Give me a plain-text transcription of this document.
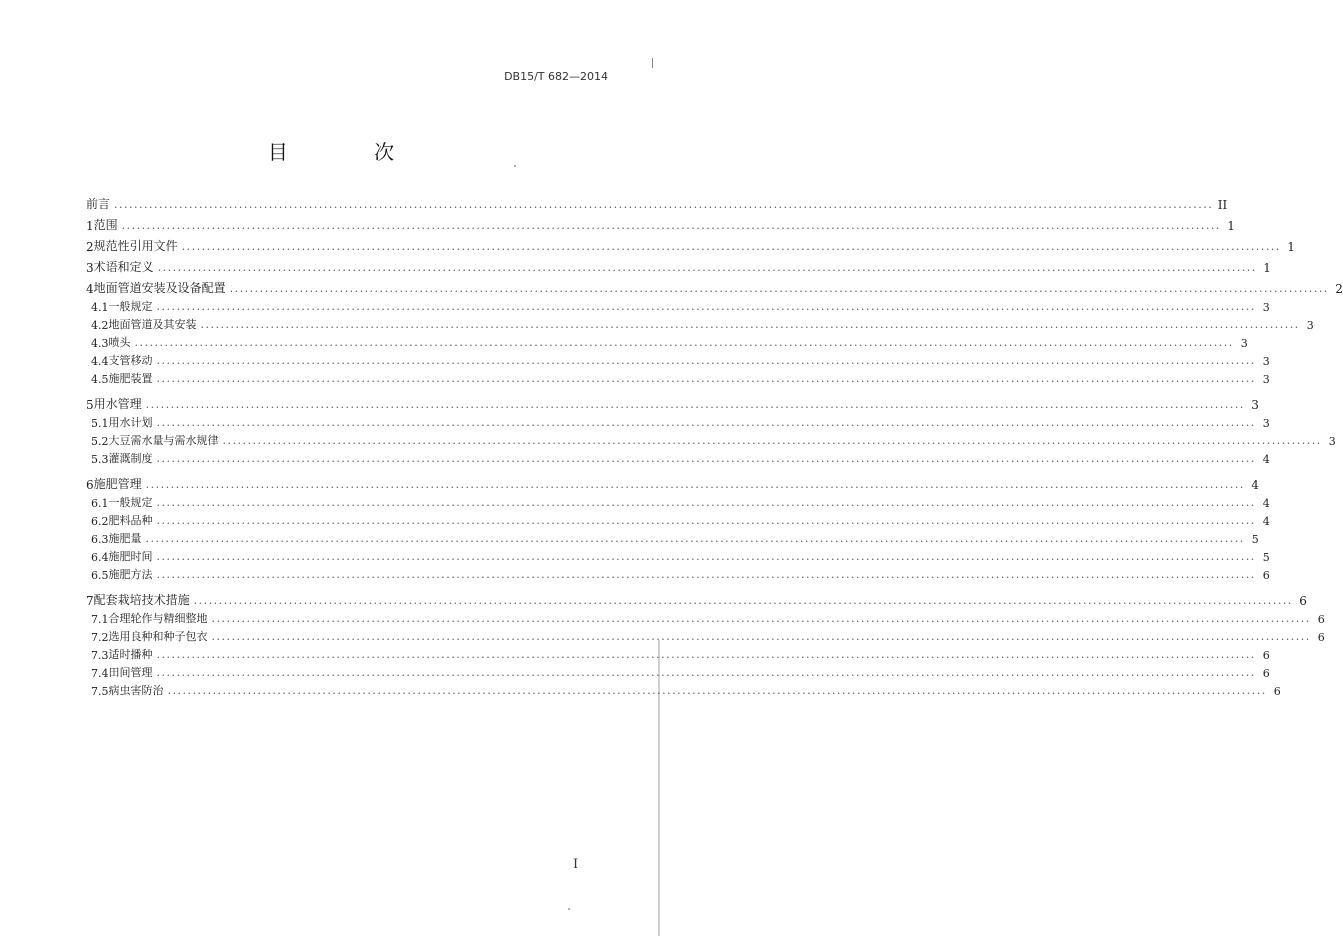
DB15/T 682—2014
目 次
前言 ............................................................................................................................................................................................................................ II
1 范围 ............................................................................................................................................................................................................................ 1
2 规范性引用文件 ............................................................................................................................................................................................................................ 1
3 术语和定义 ............................................................................................................................................................................................................................ 1
4 地面管道安装及设备配置 ............................................................................................................................................................................................................................ 2
4.1 一般规定 ............................................................................................................................................................................................................................ 3
4.2 地面管道及其安装 ............................................................................................................................................................................................................................ 3
4.3 喷头 ............................................................................................................................................................................................................................ 3
4.4 支管移动 ............................................................................................................................................................................................................................ 3
4.5 施肥装置 ............................................................................................................................................................................................................................ 3
5 用水管理 ............................................................................................................................................................................................................................ 3
5.1 用水计划 ............................................................................................................................................................................................................................ 3
5.2 大豆需水量与需水规律 ............................................................................................................................................................................................................................ 3
5.3 灌溉制度 ............................................................................................................................................................................................................................ 4
6 施肥管理 ............................................................................................................................................................................................................................ 4
6.1 一般规定 ............................................................................................................................................................................................................................ 4
6.2 肥料品种 ............................................................................................................................................................................................................................ 4
6.3 施肥量 ............................................................................................................................................................................................................................ 5
6.4 施肥时间 ............................................................................................................................................................................................................................ 5
6.5 施肥方法 ............................................................................................................................................................................................................................ 6
7 配套栽培技术措施 ............................................................................................................................................................................................................................ 6
7.1 合理轮作与精细整地 ............................................................................................................................................................................................................................ 6
7.2 选用良种和种子包衣 ............................................................................................................................................................................................................................ 6
7.3 适时播种 ............................................................................................................................................................................................................................ 6
7.4 田间管理 ............................................................................................................................................................................................................................ 6
7.5 病虫害防治 ............................................................................................................................................................................................................................ 6
I
